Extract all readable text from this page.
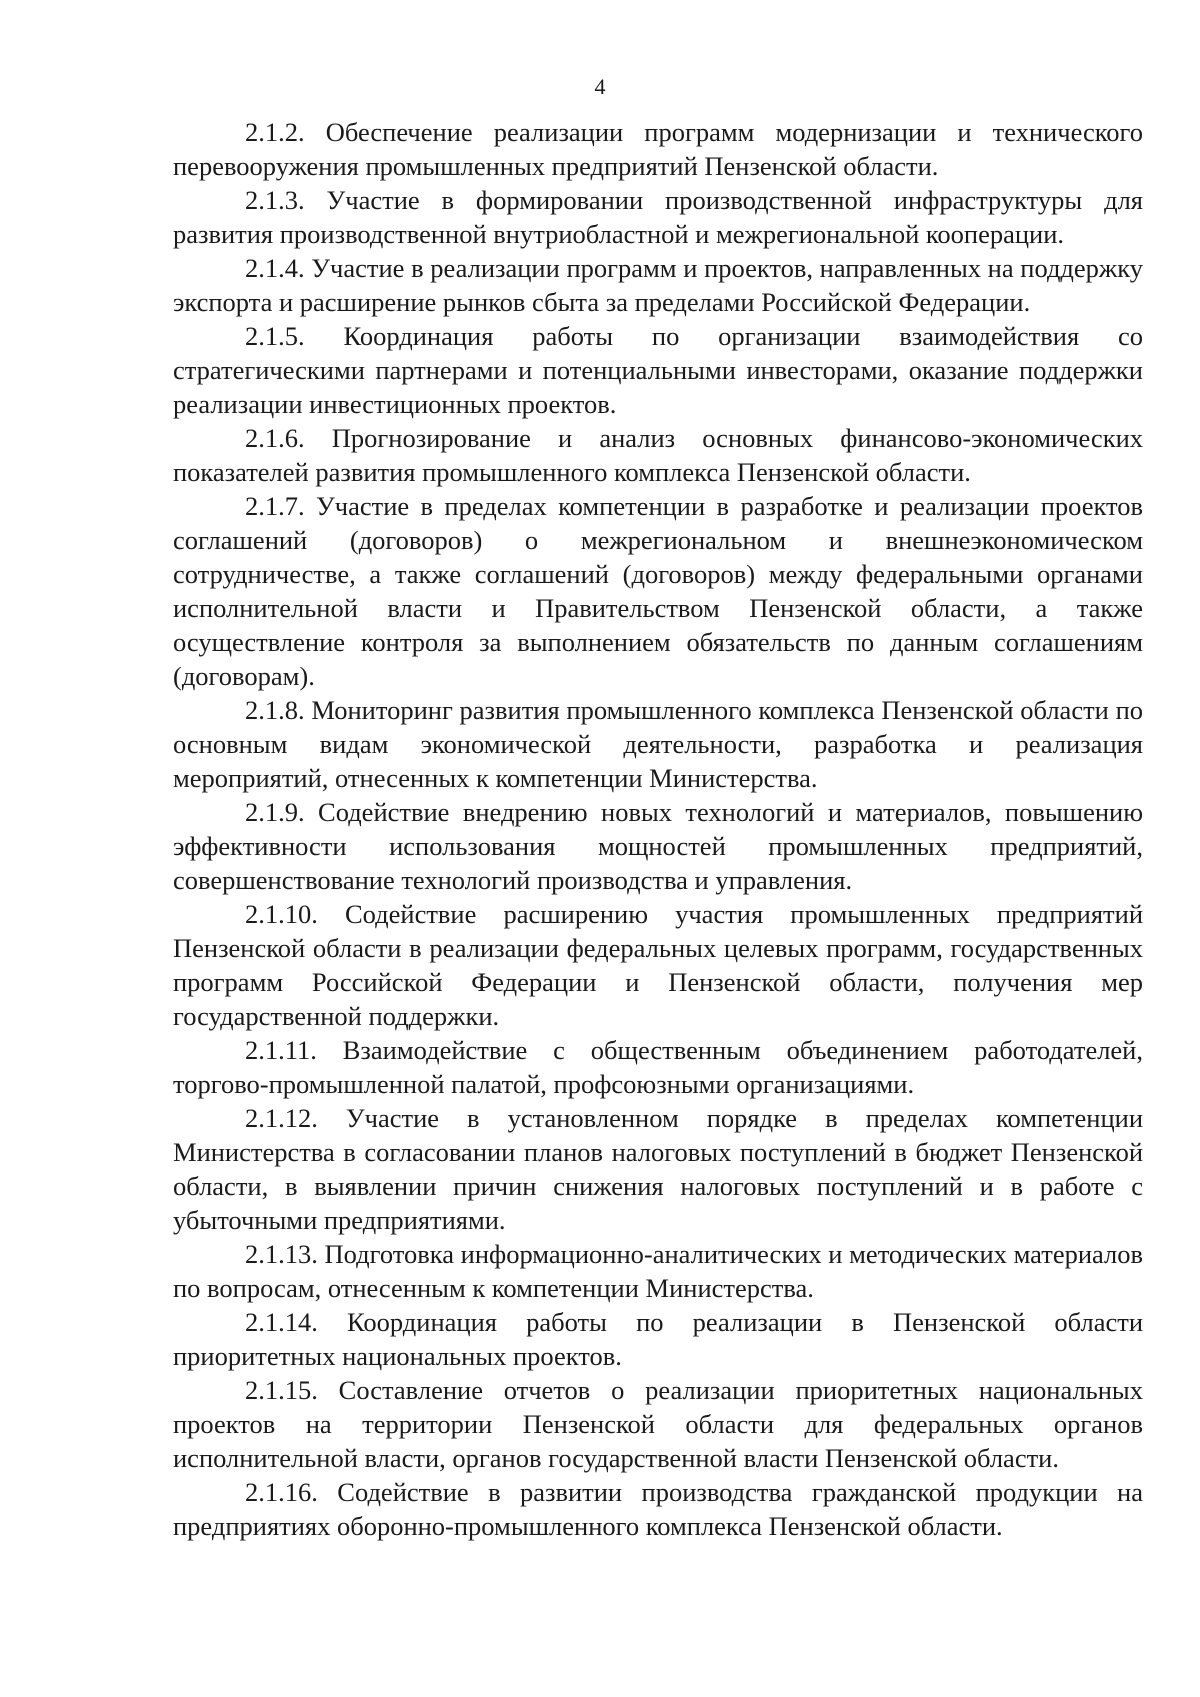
4

2.1.2. Обеспечение реализации программ модернизации и технического перевооружения промышленных предприятий Пензенской области.

2.1.3. Участие в формировании производственной инфраструктуры для развития производственной внутриобластной и межрегиональной кооперации.

2.1.4. Участие в реализации программ и проектов, направленных на поддержку экспорта и расширение рынков сбыта за пределами Российской Федерации.

2.1.5. Координация работы по организации взаимодействия со стратегическими партнерами и потенциальными инвесторами, оказание поддержки реализации инвестиционных проектов.

2.1.6. Прогнозирование и анализ основных финансово-экономических показателей развития промышленного комплекса Пензенской области.

2.1.7. Участие в пределах компетенции в разработке и реализации проектов соглашений (договоров) о межрегиональном и внешнеэкономическом сотрудничестве, а также соглашений (договоров) между федеральными органами исполнительной власти и Правительством Пензенской области, а также осуществление контроля за выполнением обязательств по данным соглашениям (договорам).

2.1.8. Мониторинг развития промышленного комплекса Пензенской области по основным видам экономической деятельности, разработка и реализация мероприятий, отнесенных к компетенции Министерства.

2.1.9. Содействие внедрению новых технологий и материалов, повышению эффективности использования мощностей промышленных предприятий, совершенствование технологий производства и управления.

2.1.10. Содействие расширению участия промышленных предприятий Пензенской области в реализации федеральных целевых программ, государственных программ Российской Федерации и Пензенской области, получения мер государственной поддержки.

2.1.11. Взаимодействие с общественным объединением работодателей, торгово-промышленной палатой, профсоюзными организациями.

2.1.12. Участие в установленном порядке в пределах компетенции Министерства в согласовании планов налоговых поступлений в бюджет Пензенской области, в выявлении причин снижения налоговых поступлений и в работе с убыточными предприятиями.

2.1.13. Подготовка информационно-аналитических и методических материалов по вопросам, отнесенным к компетенции Министерства.

2.1.14. Координация работы по реализации в Пензенской области приоритетных национальных проектов.

2.1.15. Составление отчетов о реализации приоритетных национальных проектов на территории Пензенской области для федеральных органов исполнительной власти, органов государственной власти Пензенской области.

2.1.16. Содействие в развитии производства гражданской продукции на предприятиях оборонно-промышленного комплекса Пензенской области.
